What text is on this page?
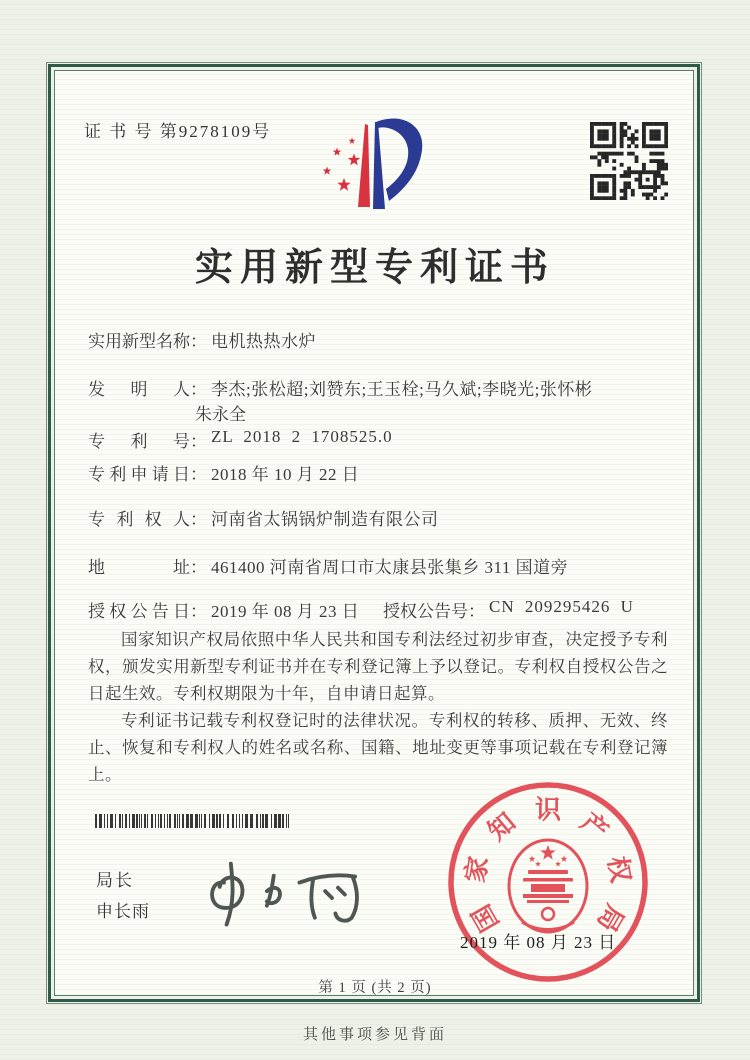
证 书 号 第9278109号
实用新型专利证书
实用新型名称： 电机热热水炉
发明人： 李杰;张松超;刘赞东;王玉栓;马久斌;李晓光;张怀彬
朱永全
专利号： ZL 2018 2 1708525.0
专利申请日： 2018 年 10 月 22 日
专利权人： 河南省太锅锅炉制造有限公司
地址： 461400 河南省周口市太康县张集乡 311 国道旁
授权公告日： 2019 年 08 月 23 日 授权公告号： CN 209295426 U

国家知识产权局依照中华人民共和国专利法经过初步审查，决定授予专利权，颁发实用新型专利证书并在专利登记簿上予以登记。专利权自授权公告之日起生效。专利权期限为十年，自申请日起算。

专利证书记载专利权登记时的法律状况。专利权的转移、质押、无效、终止、恢复和专利权人的姓名或名称、国籍、地址变更等事项记载在专利登记簿上。

局长
申长雨	国
家
知 识 产
权
局
2019 年 08 月 23 日
第 1 页 (共 2 页)
其他事项参见背面
